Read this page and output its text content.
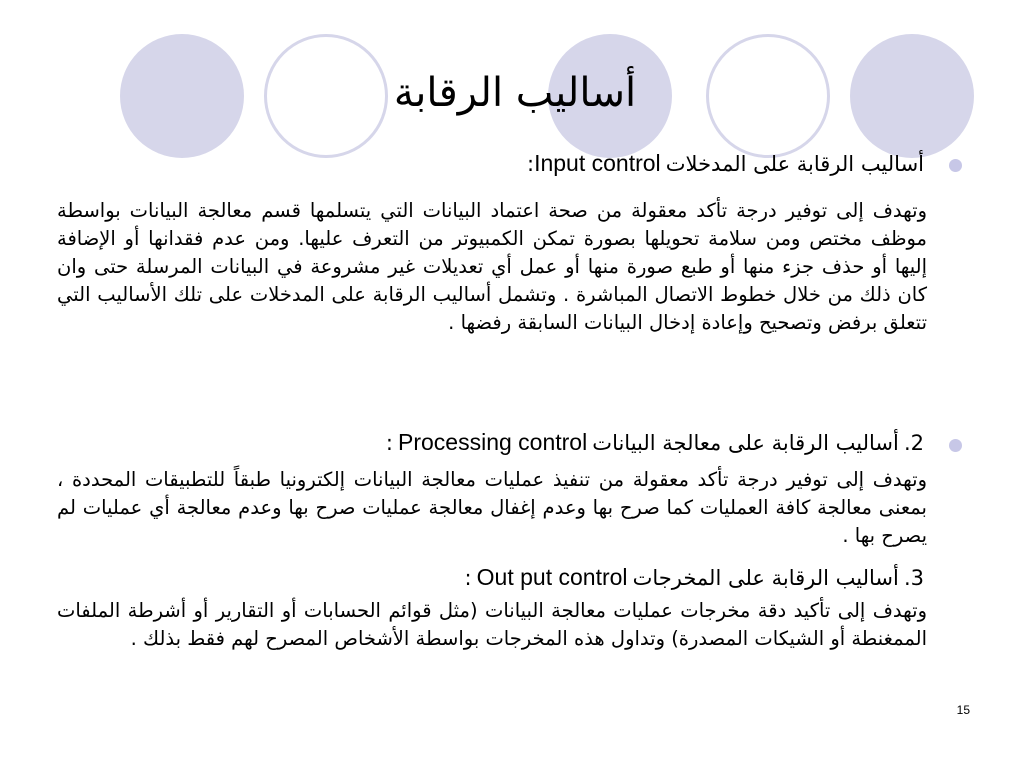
أساليب الرقابة
أساليب الرقابة على المدخلات Input control:
وتهدف إلى توفير درجة تأكد معقولة من صحة اعتماد البيانات التي يتسلمها قسم معالجة البيانات بواسطة موظف مختص ومن سلامة تحويلها بصورة تمكن الكمبيوتر من التعرف عليها. ومن عدم فقدانها أو الإضافة إليها أو حذف جزء منها أو طبع صورة منها أو عمل أي تعديلات غير مشروعة في البيانات المرسلة حتى وان كان ذلك من خلال خطوط الاتصال المباشرة . وتشمل أساليب الرقابة على المدخلات على تلك الأساليب التي تتعلق برفض وتصحيح وإعادة إدخال البيانات السابقة رفضها .
2. أساليب الرقابة على معالجة البيانات Processing control :
وتهدف إلى توفير درجة تأكد معقولة من تنفيذ عمليات معالجة البيانات إلكترونيا طبقاً للتطبيقات المحددة ، بمعنى معالجة كافة العمليات كما صرح بها وعدم إغفال معالجة عمليات صرح بها وعدم معالجة أي عمليات لم يصرح بها .
3. أساليب الرقابة على المخرجات Out put control :
وتهدف إلى تأكيد دقة مخرجات عمليات معالجة البيانات (مثل قوائم الحسابات أو التقارير أو أشرطة الملفات الممغنطة أو الشيكات المصدرة) وتداول هذه المخرجات بواسطة الأشخاص المصرح لهم فقط بذلك .
15
